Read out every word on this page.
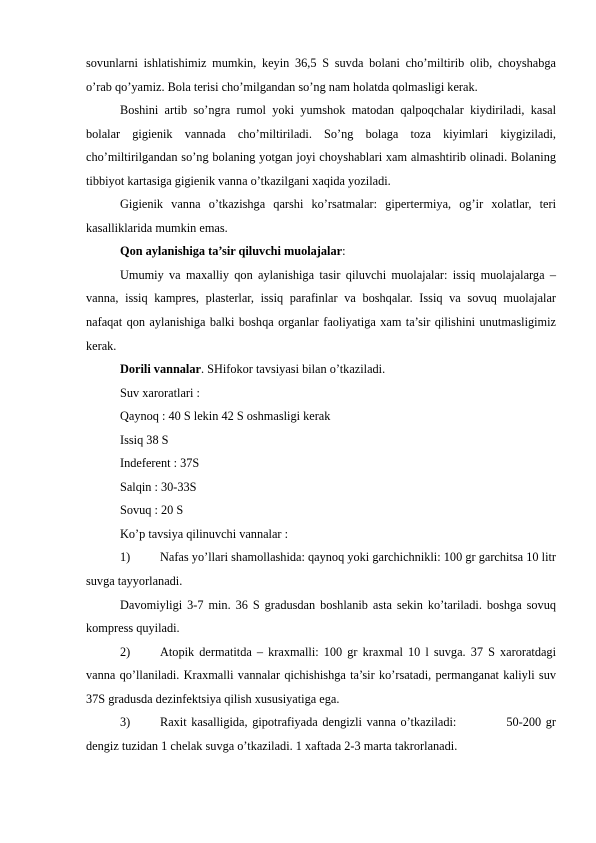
sovunlarni ishlatishimiz mumkin, keyin 36,5 S suvda bolani cho’miltirib olib, choyshabga o’rab qo’yamiz. Bola terisi cho’milgandan so’ng nam holatda qolmasligi kerak.

Boshini artib so’ngra rumol yoki yumshok matodan qalpoqchalar kiydiriladi, kasal bolalar gigienik vannada cho’miltiriladi. So’ng bolaga toza kiyimlari kiygiziladi, cho’miltirilgandan so’ng bolaning yotgan joyi choyshablari xam almashtirib olinadi. Bolaning tibbiyot kartasiga gigienik vanna o’tkazilgani xaqida yoziladi.

Gigienik vanna o’tkazishga qarshi ko’rsatmalar: gipertermiya, og’ir xolatlar, teri kasalliklarida mumkin emas.

Qon aylanishiga ta’sir qiluvchi muolajalar:

Umumiy va maxalliy qon aylanishiga tasir qiluvchi muolajalar: issiq muolajalarga – vanna, issiq kampres, plasterlar, issiq parafinlar va boshqalar. Issiq va sovuq muolajalar nafaqat qon aylanishiga balki boshqa organlar faoliyatiga xam ta’sir qilishini unutmasligimiz kerak.

Dorili vannalar. SHifokor tavsiyasi bilan o’tkaziladi.

Suv xaroratlari :

Qaynoq : 40 S lekin 42 S oshmasligi kerak

Issiq 38 S

Indeferent : 37S

Salqin : 30-33S

Sovuq : 20 S

Ko’p tavsiya qilinuvchi vannalar :

1) Nafas yo’llari shamollashida: qaynoq yoki garchichnikli: 100 gr garchitsa 10 litr suvga tayyorlanadi.

Davomiyligi 3-7 min. 36 S gradusdan boshlanib asta sekin ko’tariladi. boshga sovuq kompress quyiladi.

2) Atopik dermatitda – kraxmalli: 100 gr kraxmal 10 l suvga. 37 S xaroratdagi vanna qo’llaniladi. Kraxmalli vannalar qichishishga ta’sir ko’rsatadi, permanganat kaliyli suv 37S gradusda dezinfektsiya qilish xususiyatiga ega.

3) Raxit kasalligida, gipotrafiyada dengizli vanna o’tkaziladi:	50-200 gr dengiz tuzidan 1 chelak suvga o’tkaziladi. 1 xaftada 2-3 marta takrorlanadi.
